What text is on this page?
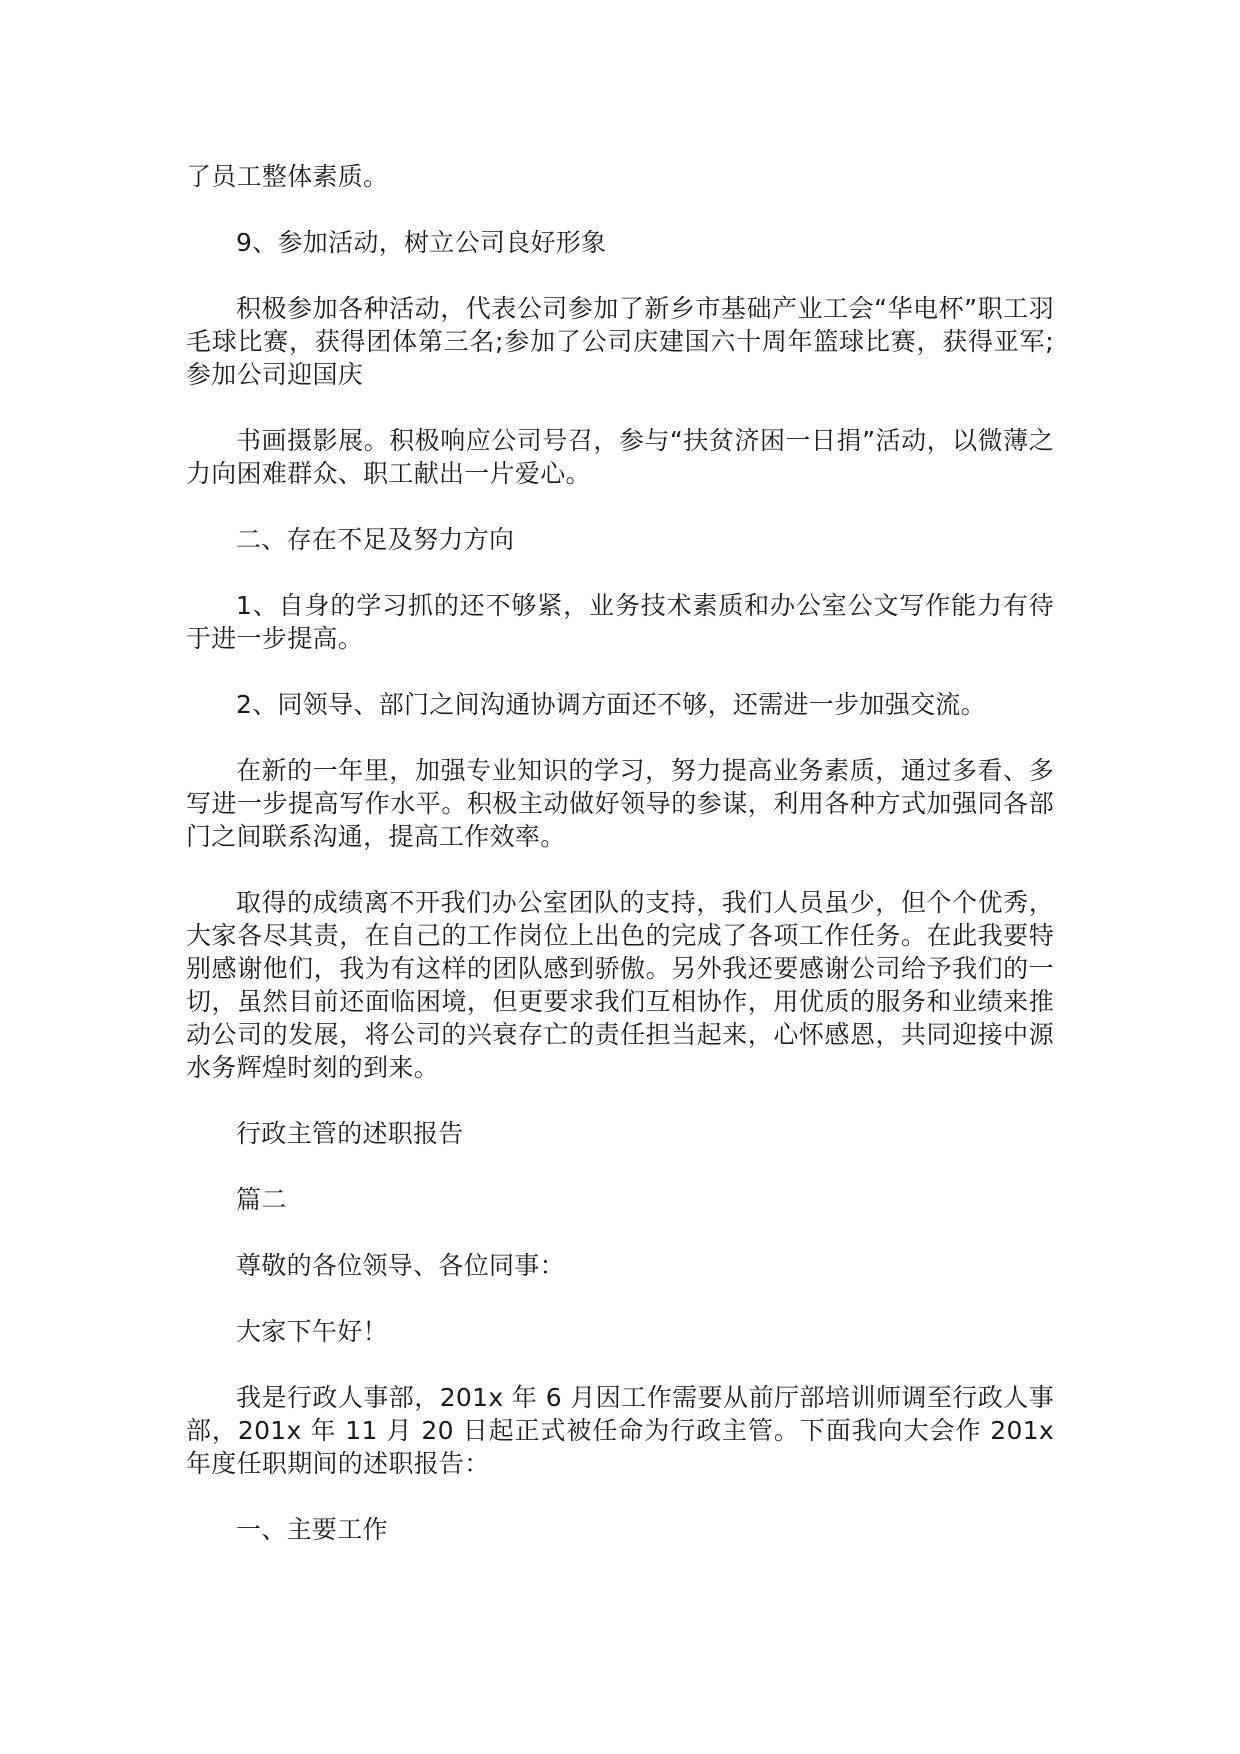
了员工整体素质。

9、参加活动，树立公司良好形象

积极参加各种活动，代表公司参加了新乡市基础产业工会“华电杯”职工羽毛球比赛，获得团体第三名;参加了公司庆建国六十周年篮球比赛，获得亚军;参加公司迎国庆

书画摄影展。积极响应公司号召，参与“扶贫济困一日捐”活动，以微薄之力向困难群众、职工献出一片爱心。

二、存在不足及努力方向

1、自身的学习抓的还不够紧，业务技术素质和办公室公文写作能力有待于进一步提高。

2、同领导、部门之间沟通协调方面还不够，还需进一步加强交流。

在新的一年里，加强专业知识的学习，努力提高业务素质，通过多看、多写进一步提高写作水平。积极主动做好领导的参谋，利用各种方式加强同各部门之间联系沟通，提高工作效率。

取得的成绩离不开我们办公室团队的支持，我们人员虽少，但个个优秀，大家各尽其责，在自己的工作岗位上出色的完成了各项工作任务。在此我要特别感谢他们，我为有这样的团队感到骄傲。另外我还要感谢公司给予我们的一切，虽然目前还面临困境，但更要求我们互相协作，用优质的服务和业绩来推动公司的发展，将公司的兴衰存亡的责任担当起来，心怀感恩，共同迎接中源水务辉煌时刻的到来。

行政主管的述职报告

篇二

尊敬的各位领导、各位同事：

大家下午好！

我是行政人事部，201x 年 6 月因工作需要从前厅部培训师调至行政人事部，201x 年 11 月 20 日起正式被任命为行政主管。下面我向大会作 201x 年度任职期间的述职报告：

一、主要工作
